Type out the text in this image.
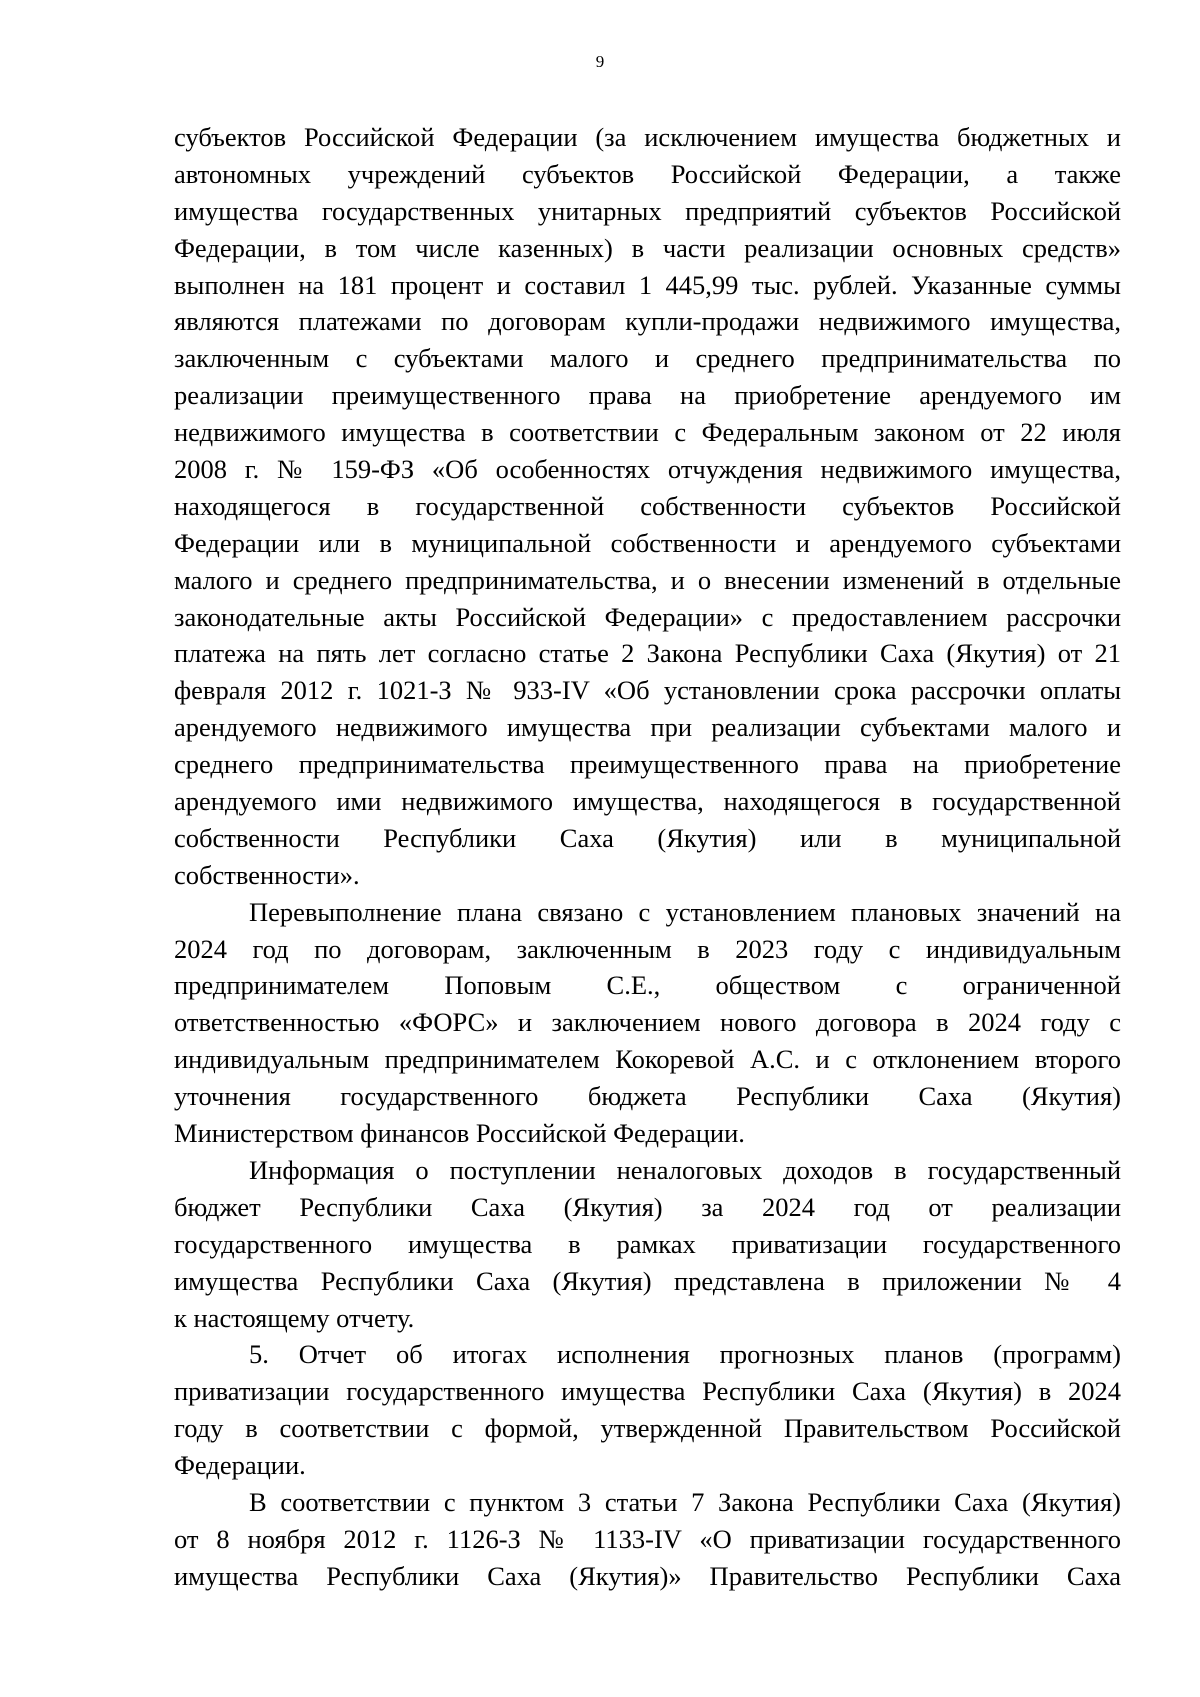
9
субъектов Российской Федерации (за исключением имущества бюджетных и
автономных учреждений субъектов Российской Федерации, а также
имущества государственных унитарных предприятий субъектов Российской
Федерации, в том числе казенных) в части реализации основных средств»
выполнен на 181 процент и составил 1 445,99 тыс. рублей. Указанные суммы
являются платежами по договорам купли-продажи недвижимого имущества,
заключенным с субъектами малого и среднего предпринимательства по
реализации преимущественного права на приобретение арендуемого им
недвижимого имущества в соответствии с Федеральным законом от 22 июля
2008 г. № 159-ФЗ «Об особенностях отчуждения недвижимого имущества,
находящегося в государственной собственности субъектов Российской
Федерации или в муниципальной собственности и арендуемого субъектами
малого и среднего предпринимательства, и о внесении изменений в отдельные
законодательные акты Российской Федерации» с предоставлением рассрочки
платежа на пять лет согласно статье 2 Закона Республики Саха (Якутия) от 21
февраля 2012 г. 1021-З № 933-IV «Об установлении срока рассрочки оплаты
арендуемого недвижимого имущества при реализации субъектами малого и
среднего предпринимательства преимущественного права на приобретение
арендуемого ими недвижимого имущества, находящегося в государственной
собственности Республики Саха (Якутия) или в муниципальной
собственности».
Перевыполнение плана связано с установлением плановых значений на
2024 год по договорам, заключенным в 2023 году с индивидуальным
предпринимателем Поповым С.Е., обществом с ограниченной
ответственностью «ФОРС» и заключением нового договора в 2024 году с
индивидуальным предпринимателем Кокоревой А.С. и с отклонением второго
уточнения государственного бюджета Республики Саха (Якутия)
Министерством финансов Российской Федерации.
Информация о поступлении неналоговых доходов в государственный
бюджет Республики Саха (Якутия) за 2024 год от реализации
государственного имущества в рамках приватизации государственного
имущества Республики Саха (Якутия) представлена в приложении № 4
к настоящему отчету.
5. Отчет об итогах исполнения прогнозных планов (программ)
приватизации государственного имущества Республики Саха (Якутия) в 2024
году в соответствии с формой, утвержденной Правительством Российской
Федерации.
В соответствии с пунктом 3 статьи 7 Закона Республики Саха (Якутия)
от 8 ноября 2012 г. 1126-З № 1133-IV «О приватизации государственного
имущества Республики Саха (Якутия)» Правительство Республики Саха
